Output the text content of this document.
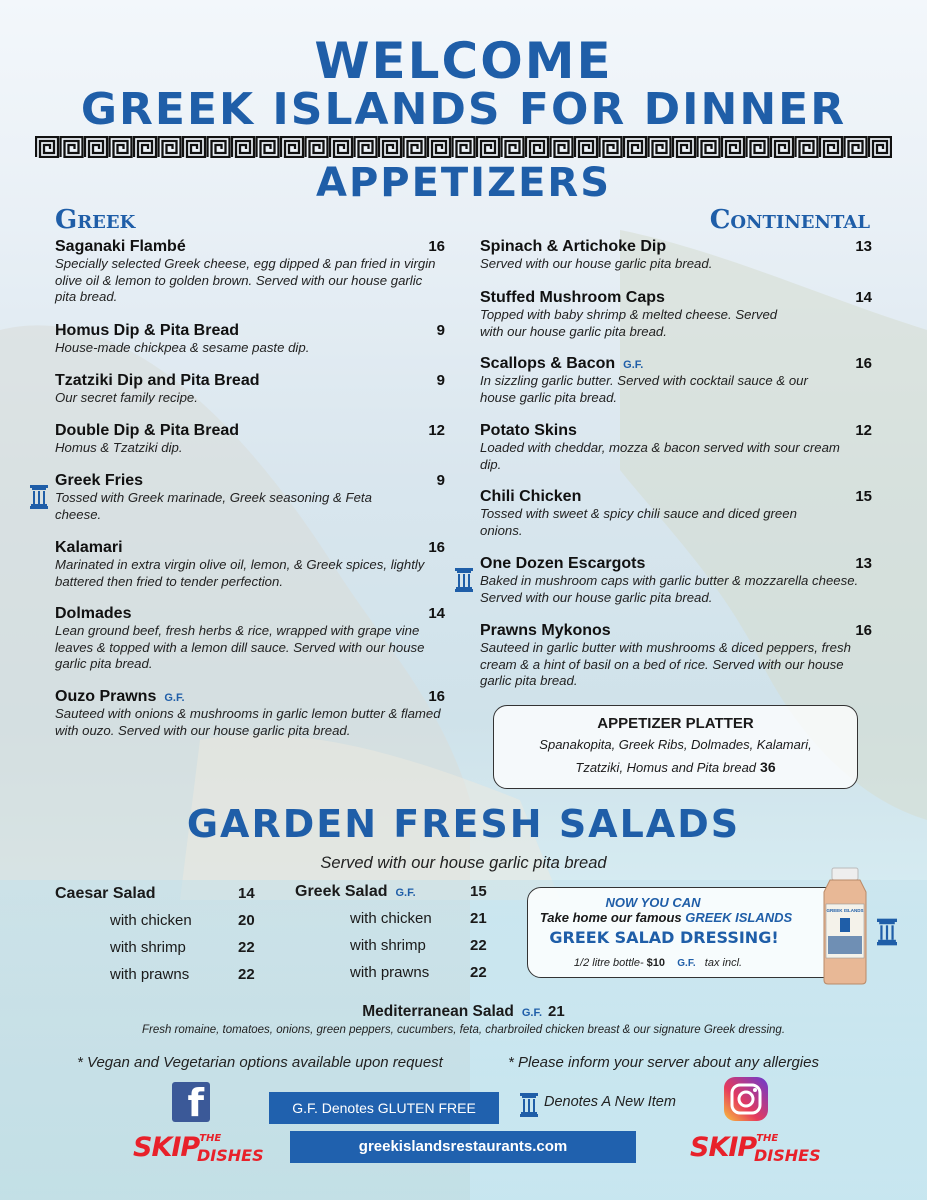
WELCOME
GREEK ISLANDS FOR DINNER
APPETIZERS
Greek	Continental
Saganaki Flambé	16
Specially selected Greek cheese, egg dipped & pan fried in virgin olive oil & lemon to golden brown. Served with our house garlic pita bread.
Homus Dip & Pita Bread	9
House-made chickpea & sesame paste dip.
Tzatziki Dip and Pita Bread	9
Our secret family recipe.
Double Dip & Pita Bread	12
Homus & Tzatziki dip.
Greek Fries	9
Tossed with Greek marinade, Greek seasoning & Feta cheese.
Kalamari	16
Marinated in extra virgin olive oil, lemon, & Greek spices, lightly battered then fried to tender perfection.
Dolmades	14
Lean ground beef, fresh herbs & rice, wrapped with grape vine leaves & topped with a lemon dill sauce. Served with our house garlic pita bread.
Ouzo Prawns G.F.	16
Sauteed with onions & mushrooms in garlic lemon butter & flamed with ouzo. Served with our house garlic pita bread.
Spinach & Artichoke Dip	13
Served with our house garlic pita bread.
Stuffed Mushroom Caps	14
Topped with baby shrimp & melted cheese. Served with our house garlic pita bread.
Scallops & Bacon G.F.	16
In sizzling garlic butter. Served with cocktail sauce & our house garlic pita bread.
Potato Skins	12
Loaded with cheddar, mozza & bacon served with sour cream dip.
Chili Chicken	15
Tossed with sweet & spicy chili sauce and diced green onions.
One Dozen Escargots	13
Baked in mushroom caps with garlic butter & mozzarella cheese. Served with our house garlic pita bread.
Prawns Mykonos	16
Sauteed in garlic butter with mushrooms & diced peppers, fresh cream & a hint of basil on a bed of rice. Served with our house garlic pita bread.
APPETIZER PLATTER
Spanakopita, Greek Ribs, Dolmades, Kalamari,
Tzatziki, Homus and Pita bread 36
GARDEN FRESH SALADS
Served with our house garlic pita bread
Caesar Salad	14
with chicken	20
with shrimp	22
with prawns	22
Greek Salad G.F.	15
with chicken	21
with shrimp	22
with prawns	22
NOW YOU CAN
Take home our famous GREEK ISLANDS
GREEK SALAD DRESSING!
1/2 litre bottle- $10 G.F. tax incl.
GREEK ISLANDS
Mediterranean Salad G.F. 21
Fresh romaine, tomatoes, onions, green peppers, cucumbers, feta, charbroiled chicken breast & our signature Greek dressing.
* Vegan and Vegetarian options available upon request	* Please inform your server about any allergies
f	G.F. Denotes GLUTEN FREE	Denotes A New Item
greekislandsrestaurants.com
SKIPTHE
DISHES	SKIPTHE
DISHES
